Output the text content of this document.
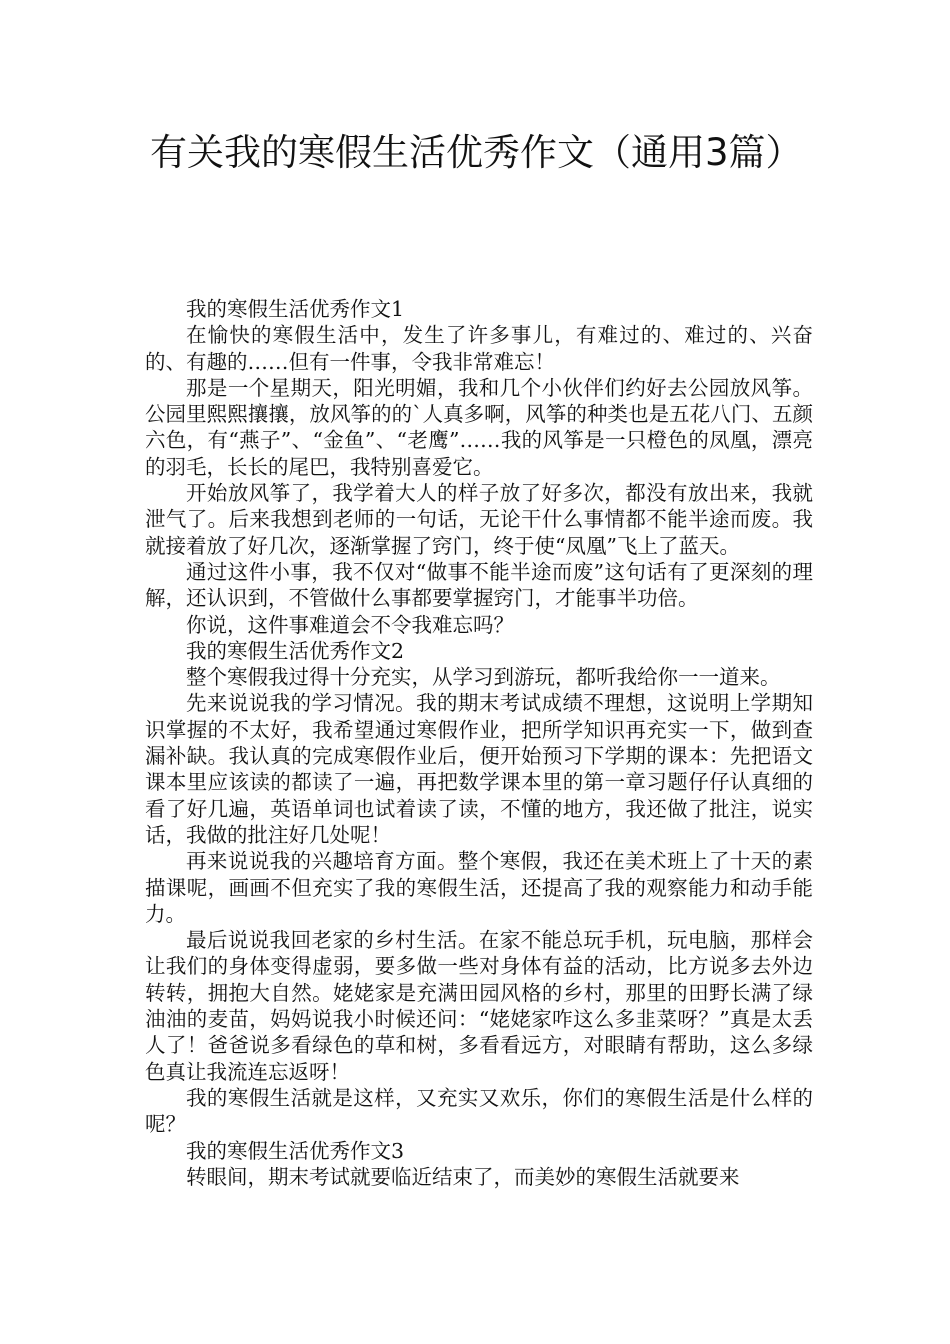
有关我的寒假生活优秀作文（通用3篇）

我的寒假生活优秀作文1

在愉快的寒假生活中，发生了许多事儿，有难过的、难过的、兴奋的、有趣的……但有一件事，令我非常难忘！

那是一个星期天，阳光明媚，我和几个小伙伴们约好去公园放风筝。公园里熙熙攘攘，放风筝的的`人真多啊，风筝的种类也是五花八门、五颜六色，有“燕子”、“金鱼”、“老鹰”……我的风筝是一只橙色的凤凰，漂亮的羽毛，长长的尾巴，我特别喜爱它。

开始放风筝了，我学着大人的样子放了好多次，都没有放出来，我就泄气了。后来我想到老师的一句话，无论干什么事情都不能半途而废。我就接着放了好几次，逐渐掌握了窍门，终于使“凤凰”飞上了蓝天。

通过这件小事，我不仅对“做事不能半途而废”这句话有了更深刻的理解，还认识到，不管做什么事都要掌握窍门，才能事半功倍。

你说，这件事难道会不令我难忘吗？

我的寒假生活优秀作文2

整个寒假我过得十分充实，从学习到游玩，都听我给你一一道来。

先来说说我的学习情况。我的期末考试成绩不理想，这说明上学期知识掌握的不太好，我希望通过寒假作业，把所学知识再充实一下，做到查漏补缺。我认真的完成寒假作业后，便开始预习下学期的课本：先把语文课本里应该读的都读了一遍，再把数学课本里的第一章习题仔仔认真细的看了好几遍，英语单词也试着读了读，不懂的地方，我还做了批注，说实话，我做的批注好几处呢！

再来说说我的兴趣培育方面。整个寒假，我还在美术班上了十天的素描课呢，画画不但充实了我的寒假生活，还提高了我的观察能力和动手能力。

最后说说我回老家的乡村生活。在家不能总玩手机，玩电脑，那样会让我们的身体变得虚弱，要多做一些对身体有益的活动，比方说多去外边转转，拥抱大自然。姥姥家是充满田园风格的乡村，那里的田野长满了绿油油的麦苗，妈妈说我小时候还问：“姥姥家咋这么多韭菜呀？”真是太丢人了！爸爸说多看绿色的草和树，多看看远方，对眼睛有帮助，这么多绿色真让我流连忘返呀！

我的寒假生活就是这样，又充实又欢乐，你们的寒假生活是什么样的呢？

我的寒假生活优秀作文3

转眼间，期末考试就要临近结束了，而美妙的寒假生活就要来
